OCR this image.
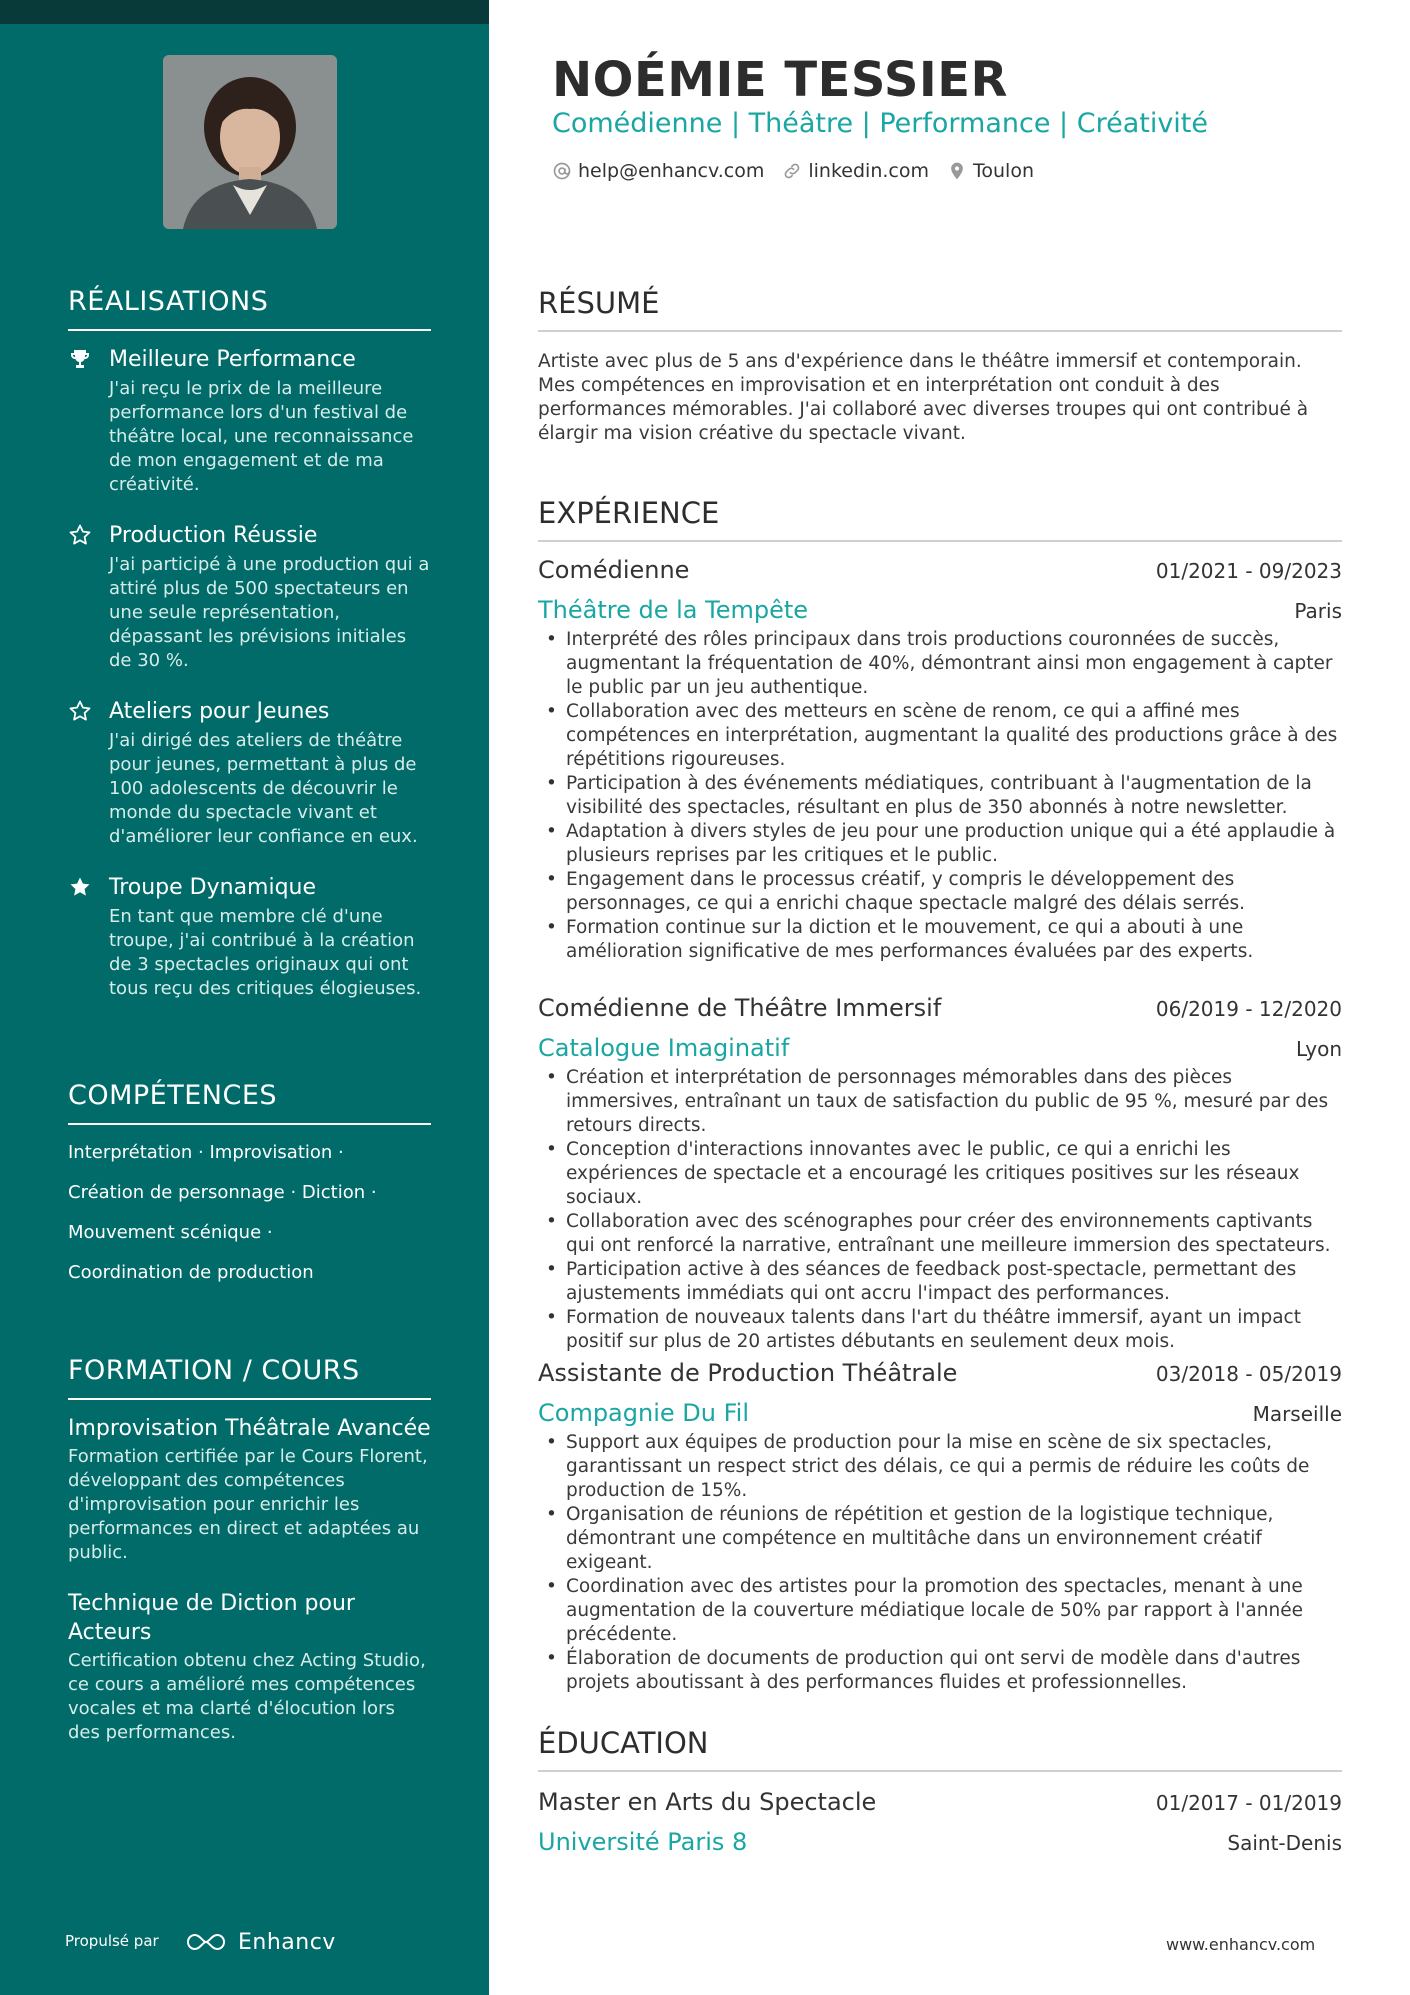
RÉALISATIONS
Meilleure Performance
J'ai reçu le prix de la meilleure performance lors d'un festival de théâtre local, une reconnaissance de mon engagement et de ma créativité.
Production Réussie
J'ai participé à une production qui a attiré plus de 500 spectateurs en une seule représentation, dépassant les prévisions initiales de 30 %.
Ateliers pour Jeunes
J'ai dirigé des ateliers de théâtre pour jeunes, permettant à plus de 100 adolescents de découvrir le monde du spectacle vivant et d'améliorer leur confiance en eux.
Troupe Dynamique
En tant que membre clé d'une troupe, j'ai contribué à la création de 3 spectacles originaux qui ont tous reçu des critiques élogieuses.
COMPÉTENCES
Interprétation · Improvisation ·
Création de personnage · Diction ·
Mouvement scénique ·
Coordination de production
FORMATION / COURS
Improvisation Théâtrale Avancée
Formation certifiée par le Cours Florent, développant des compétences d'improvisation pour enrichir les performances en direct et adaptées au public.
Technique de Diction pour Acteurs
Certification obtenu chez Acting Studio, ce cours a amélioré mes compétences vocales et ma clarté d'élocution lors des performances.
Propulsé par	Enhancv
NOÉMIE TESSIER
Comédienne | Théâtre | Performance | Créativité
help@enhancv.com linkedin.com Toulon
RÉSUMÉ

Artiste avec plus de 5 ans d'expérience dans le théâtre immersif et contemporain. Mes compétences en improvisation et en interprétation ont conduit à des performances mémorables. J'ai collaboré avec diverses troupes qui ont contribué à élargir ma vision créative du spectacle vivant.

EXPÉRIENCE
Comédienne	01/2021 - 09/2023
Théâtre de la Tempête	Paris
• Interprété des rôles principaux dans trois productions couronnées de succès, augmentant la fréquentation de 40%, démontrant ainsi mon engagement à capter le public par un jeu authentique.
• Collaboration avec des metteurs en scène de renom, ce qui a affiné mes compétences en interprétation, augmentant la qualité des productions grâce à des répétitions rigoureuses.
• Participation à des événements médiatiques, contribuant à l'augmentation de la visibilité des spectacles, résultant en plus de 350 abonnés à notre newsletter.
• Adaptation à divers styles de jeu pour une production unique qui a été applaudie à plusieurs reprises par les critiques et le public.
• Engagement dans le processus créatif, y compris le développement des personnages, ce qui a enrichi chaque spectacle malgré des délais serrés.
• Formation continue sur la diction et le mouvement, ce qui a abouti à une amélioration significative de mes performances évaluées par des experts.
Comédienne de Théâtre Immersif	06/2019 - 12/2020
Catalogue Imaginatif	Lyon
• Création et interprétation de personnages mémorables dans des pièces immersives, entraînant un taux de satisfaction du public de 95 %, mesuré par des retours directs.
• Conception d'interactions innovantes avec le public, ce qui a enrichi les expériences de spectacle et a encouragé les critiques positives sur les réseaux sociaux.
• Collaboration avec des scénographes pour créer des environnements captivants qui ont renforcé la narrative, entraînant une meilleure immersion des spectateurs.
• Participation active à des séances de feedback post-spectacle, permettant des ajustements immédiats qui ont accru l'impact des performances.
• Formation de nouveaux talents dans l'art du théâtre immersif, ayant un impact positif sur plus de 20 artistes débutants en seulement deux mois.
Assistante de Production Théâtrale	03/2018 - 05/2019
Compagnie Du Fil	Marseille
• Support aux équipes de production pour la mise en scène de six spectacles, garantissant un respect strict des délais, ce qui a permis de réduire les coûts de production de 15%.
• Organisation de réunions de répétition et gestion de la logistique technique, démontrant une compétence en multitâche dans un environnement créatif exigeant.
• Coordination avec des artistes pour la promotion des spectacles, menant à une augmentation de la couverture médiatique locale de 50% par rapport à l'année précédente.
• Élaboration de documents de production qui ont servi de modèle dans d'autres projets aboutissant à des performances fluides et professionnelles.
ÉDUCATION
Master en Arts du Spectacle	01/2017 - 01/2019
Université Paris 8	Saint-Denis
www.enhancv.com
